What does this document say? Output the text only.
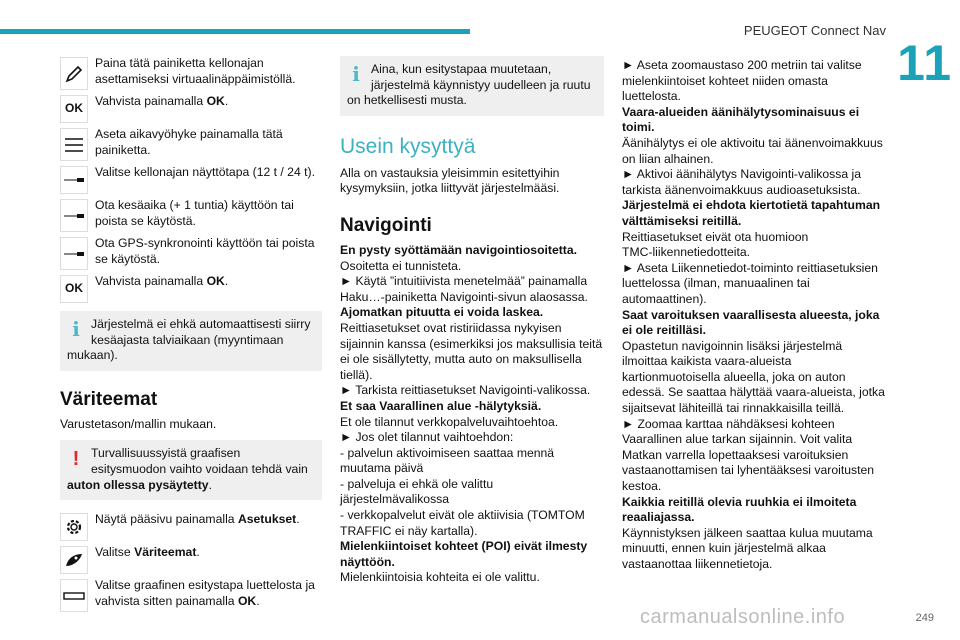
PEUGEOT Connect Nav
11
Paina tätä painiketta kellonajan
asettamiseksi virtuaalinäppäimistöllä.
OK
Vahvista painamalla OK.
Aseta aikavyöhyke painamalla tätä
painiketta.
Valitse kellonajan näyttötapa (12 t / 24 t).
Ota kesäaika (+ 1 tuntia) käyttöön tai
poista se käytöstä.
Ota GPS-synkronointi käyttöön tai poista
se käytöstä.
OK
Vahvista painamalla OK.
i Järjestelmä ei ehkä automaattisesti siirry
kesäajasta talviaikaan (myyntimaan
mukaan).
Väriteemat
Varustetason/mallin mukaan.
! Turvallisuussyistä graafisen
esitysmuodon vaihto voidaan tehdä vain
auton ollessa pysäytetty.
Näytä pääsivu painamalla Asetukset.
Valitse Väriteemat.
Valitse graafinen esitystapa luettelosta ja
vahvista sitten painamalla OK.
i Aina, kun esitystapaa muutetaan,
järjestelmä käynnistyy uudelleen ja ruutu
on hetkellisesti musta.
Usein kysyttyä
Alla on vastauksia yleisimmin esitettyihin
kysymyksiin, jotka liittyvät järjestelmääsi.
Navigointi
En pysty syöttämään navigointiosoitetta.
Osoitetta ei tunnisteta.
► Käytä ”intuitiivista menetelmää” painamalla
Haku…-painiketta Navigointi-sivun alaosassa.
Ajomatkan pituutta ei voida laskea.
Reittiasetukset ovat ristiriidassa nykyisen
sijainnin kanssa (esimerkiksi jos maksullisia teitä
ei ole sisällytetty, mutta auto on maksullisella
tiellä).
► Tarkista reittiasetukset Navigointi-valikossa.
Et saa Vaarallinen alue -hälytyksiä.
Et ole tilannut verkkopalveluvaihtoehtoa.
► Jos olet tilannut vaihtoehdon:
- palvelun aktivoimiseen saattaa mennä
muutama päivä
- palveluja ei ehkä ole valittu järjestelmävalikossa
- verkkopalvelut eivät ole aktiivisia (TOMTOM
TRAFFIC ei näy kartalla).
Mielenkiintoiset kohteet (POI) eivät ilmesty
näyttöön.
Mielenkiintoisia kohteita ei ole valittu.
► Aseta zoomaustaso 200 metriin tai valitse
mielenkiintoiset kohteet niiden omasta
luettelosta.
Vaara-alueiden äänihälytysominaisuus ei
toimi.
Äänihälytys ei ole aktivoitu tai äänenvoimakkuus
on liian alhainen.
► Aktivoi äänihälytys Navigointi-valikossa ja
tarkista äänenvoimakkuus audioasetuksista.
Järjestelmä ei ehdota kiertotietä tapahtuman
välttämiseksi reitillä.
Reittiasetukset eivät ota huomioon
TMC-liikennetiedotteita.
► Aseta Liikennetiedot-toiminto reittiasetuksien
luettelossa (ilman, manuaalinen tai
automaattinen).
Saat varoituksen vaarallisesta alueesta, joka
ei ole reitilläsi.
Opastetun navigoinnin lisäksi järjestelmä
ilmoittaa kaikista vaara-alueista
kartionmuotoisella alueella, joka on auton
edessä. Se saattaa hälyttää vaara-alueista, jotka
sijaitsevat lähiteillä tai rinnakkaisilla teillä.
► Zoomaa karttaa nähdäksesi kohteen
Vaarallinen alue tarkan sijainnin. Voit valita
Matkan varrella lopettaaksesi varoituksien
vastaanottamisen tai lyhentääksesi varoitusten
kestoa.
Kaikkia reitillä olevia ruuhkia ei ilmoiteta
reaaliajassa.
Käynnistyksen jälkeen saattaa kulua muutama
minuutti, ennen kuin järjestelmä alkaa
vastaanottaa liikennetietoja.
carmanualsonline.info	249
